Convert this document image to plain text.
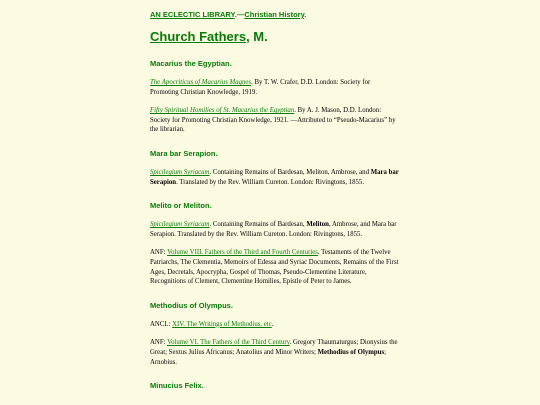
AN ECLECTIC LIBRARY.—Christian History.
Church Fathers, M.
Macarius the Egyptian.

The Apocriticus of Macarius Magnes. By T. W. Crafer, D.D. London: Society for Promoting Christian Knowledge, 1919.

Fifty Spiritual Homilies of St. Macarius the Egyptian. By A. J. Mason, D.D. London: Society for Promoting Christian Knowledge, 1921. —Attributed to “Pseudo-Macarius” by the librarian.

Mara bar Serapion.

Spicilegium Syriacum. Containing Remains of Bardesan, Meliton, Ambrose, and Mara bar Serapion. Translated by the Rev. William Cureton. London: Rivingtons, 1855.

Melito or Meliton.

Spicilegium Syriacum. Containing Remains of Bardesan, Meliton, Ambrose, and Mara bar Serapion. Translated by the Rev. William Cureton. London: Rivingtons, 1855.

ANF: Volume VIII. Fathers of the Third and Fourth Centuries. Testaments of the Twelve Patriarchs, The Clementia, Memoirs of Edessa and Syriac Documents, Remains of the First Ages, Decretals, Apocrypha, Gospel of Thomas, Pseudo-Clementine Literature, Recognitions of Clement, Clementine Homilies, Epistle of Peter to James.

Methodius of Olympus.

ANCL: XIV. The Writings of Methodius, etc.

ANF: Volume VI. The Fathers of the Third Century. Gregory Thaumaturgus; Dionysius the Great; Sextus Julius Africanus; Anatolius and Minor Writers; Methodius of Olympus; Arnobius.

Minucius Felix.
